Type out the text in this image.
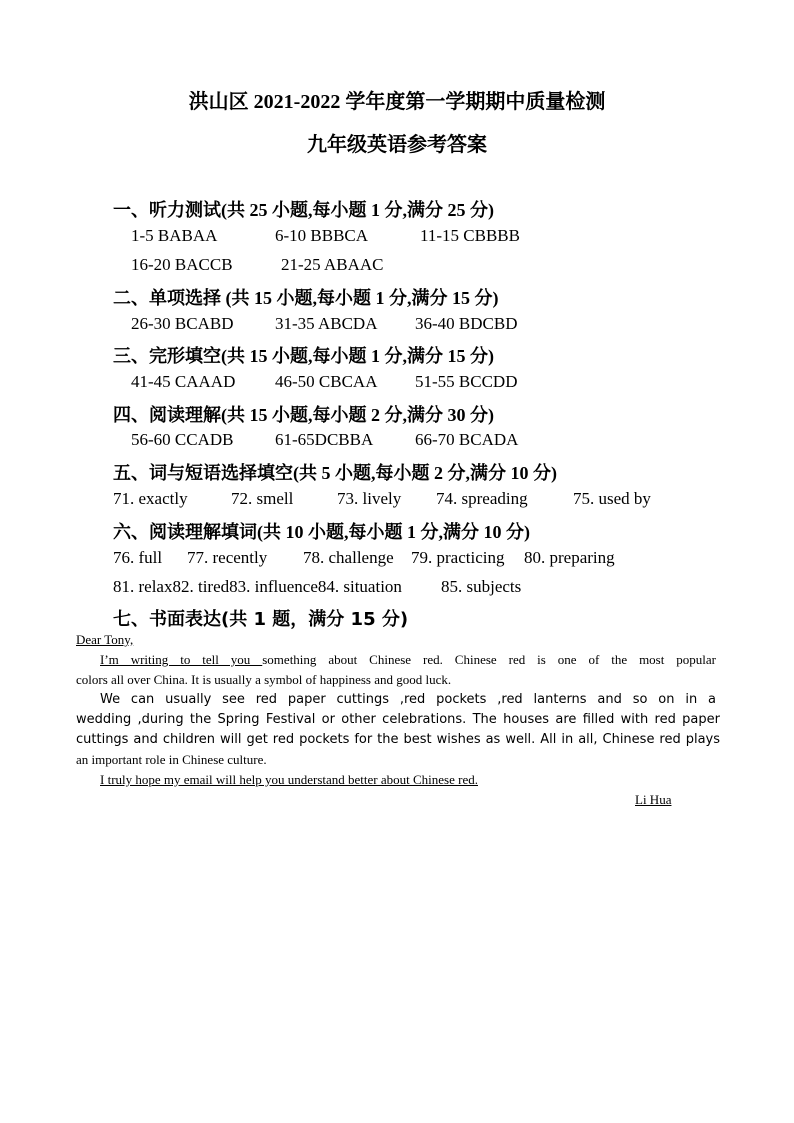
洪山区 2021-2022 学年度第一学期期中质量检测
九年级英语参考答案
一、听力测试(共 25 小题,每小题 1 分,满分 25 分)
1-5 BABAA	6-10 BBBCA	11-15 CBBBB
16-20 BACCB	21-25 ABAAC
二、单项选择 (共 15 小题,每小题 1 分,满分 15 分)
26-30 BCABD 31-35 ABCDA 36-40 BDCBD
三、完形填空(共 15 小题,每小题 1 分,满分 15 分)
41-45 CAAAD 46-50 CBCAA 51-55 BCCDD
四、阅读理解(共 15 小题,每小题 2 分,满分 30 分)
56-60 CCADB 61-65DCBBA 66-70 BCADA
五、词与短语选择填空(共 5 小题,每小题 2 分,满分 10 分)
71. exactly	72. smell	73. lively 74. spreading	75. used by
六、阅读理解填词(共 10 小题,每小题 1 分,满分 10 分)
76. full 77. recently 78. challenge 79. practicing 80. preparing
81. relax82. tired83. influence84. situation 85. subjects
七、书面表达(共 1 题，满分 15 分)
Dear Tony,
I’m writing to tell you something about Chinese red. Chinese red is one of the most popular
colors all over China. It is usually a symbol of happiness and good luck.
We can usually see red paper cuttings ,red pockets ,red lanterns and so on in a
wedding ,during the Spring Festival or other celebrations. The houses are filled with red paper
cuttings and children will get red pockets for the best wishes as well. All in all, Chinese red plays
an important role in Chinese culture.
I truly hope my email will help you understand better about Chinese red.
Li Hua
